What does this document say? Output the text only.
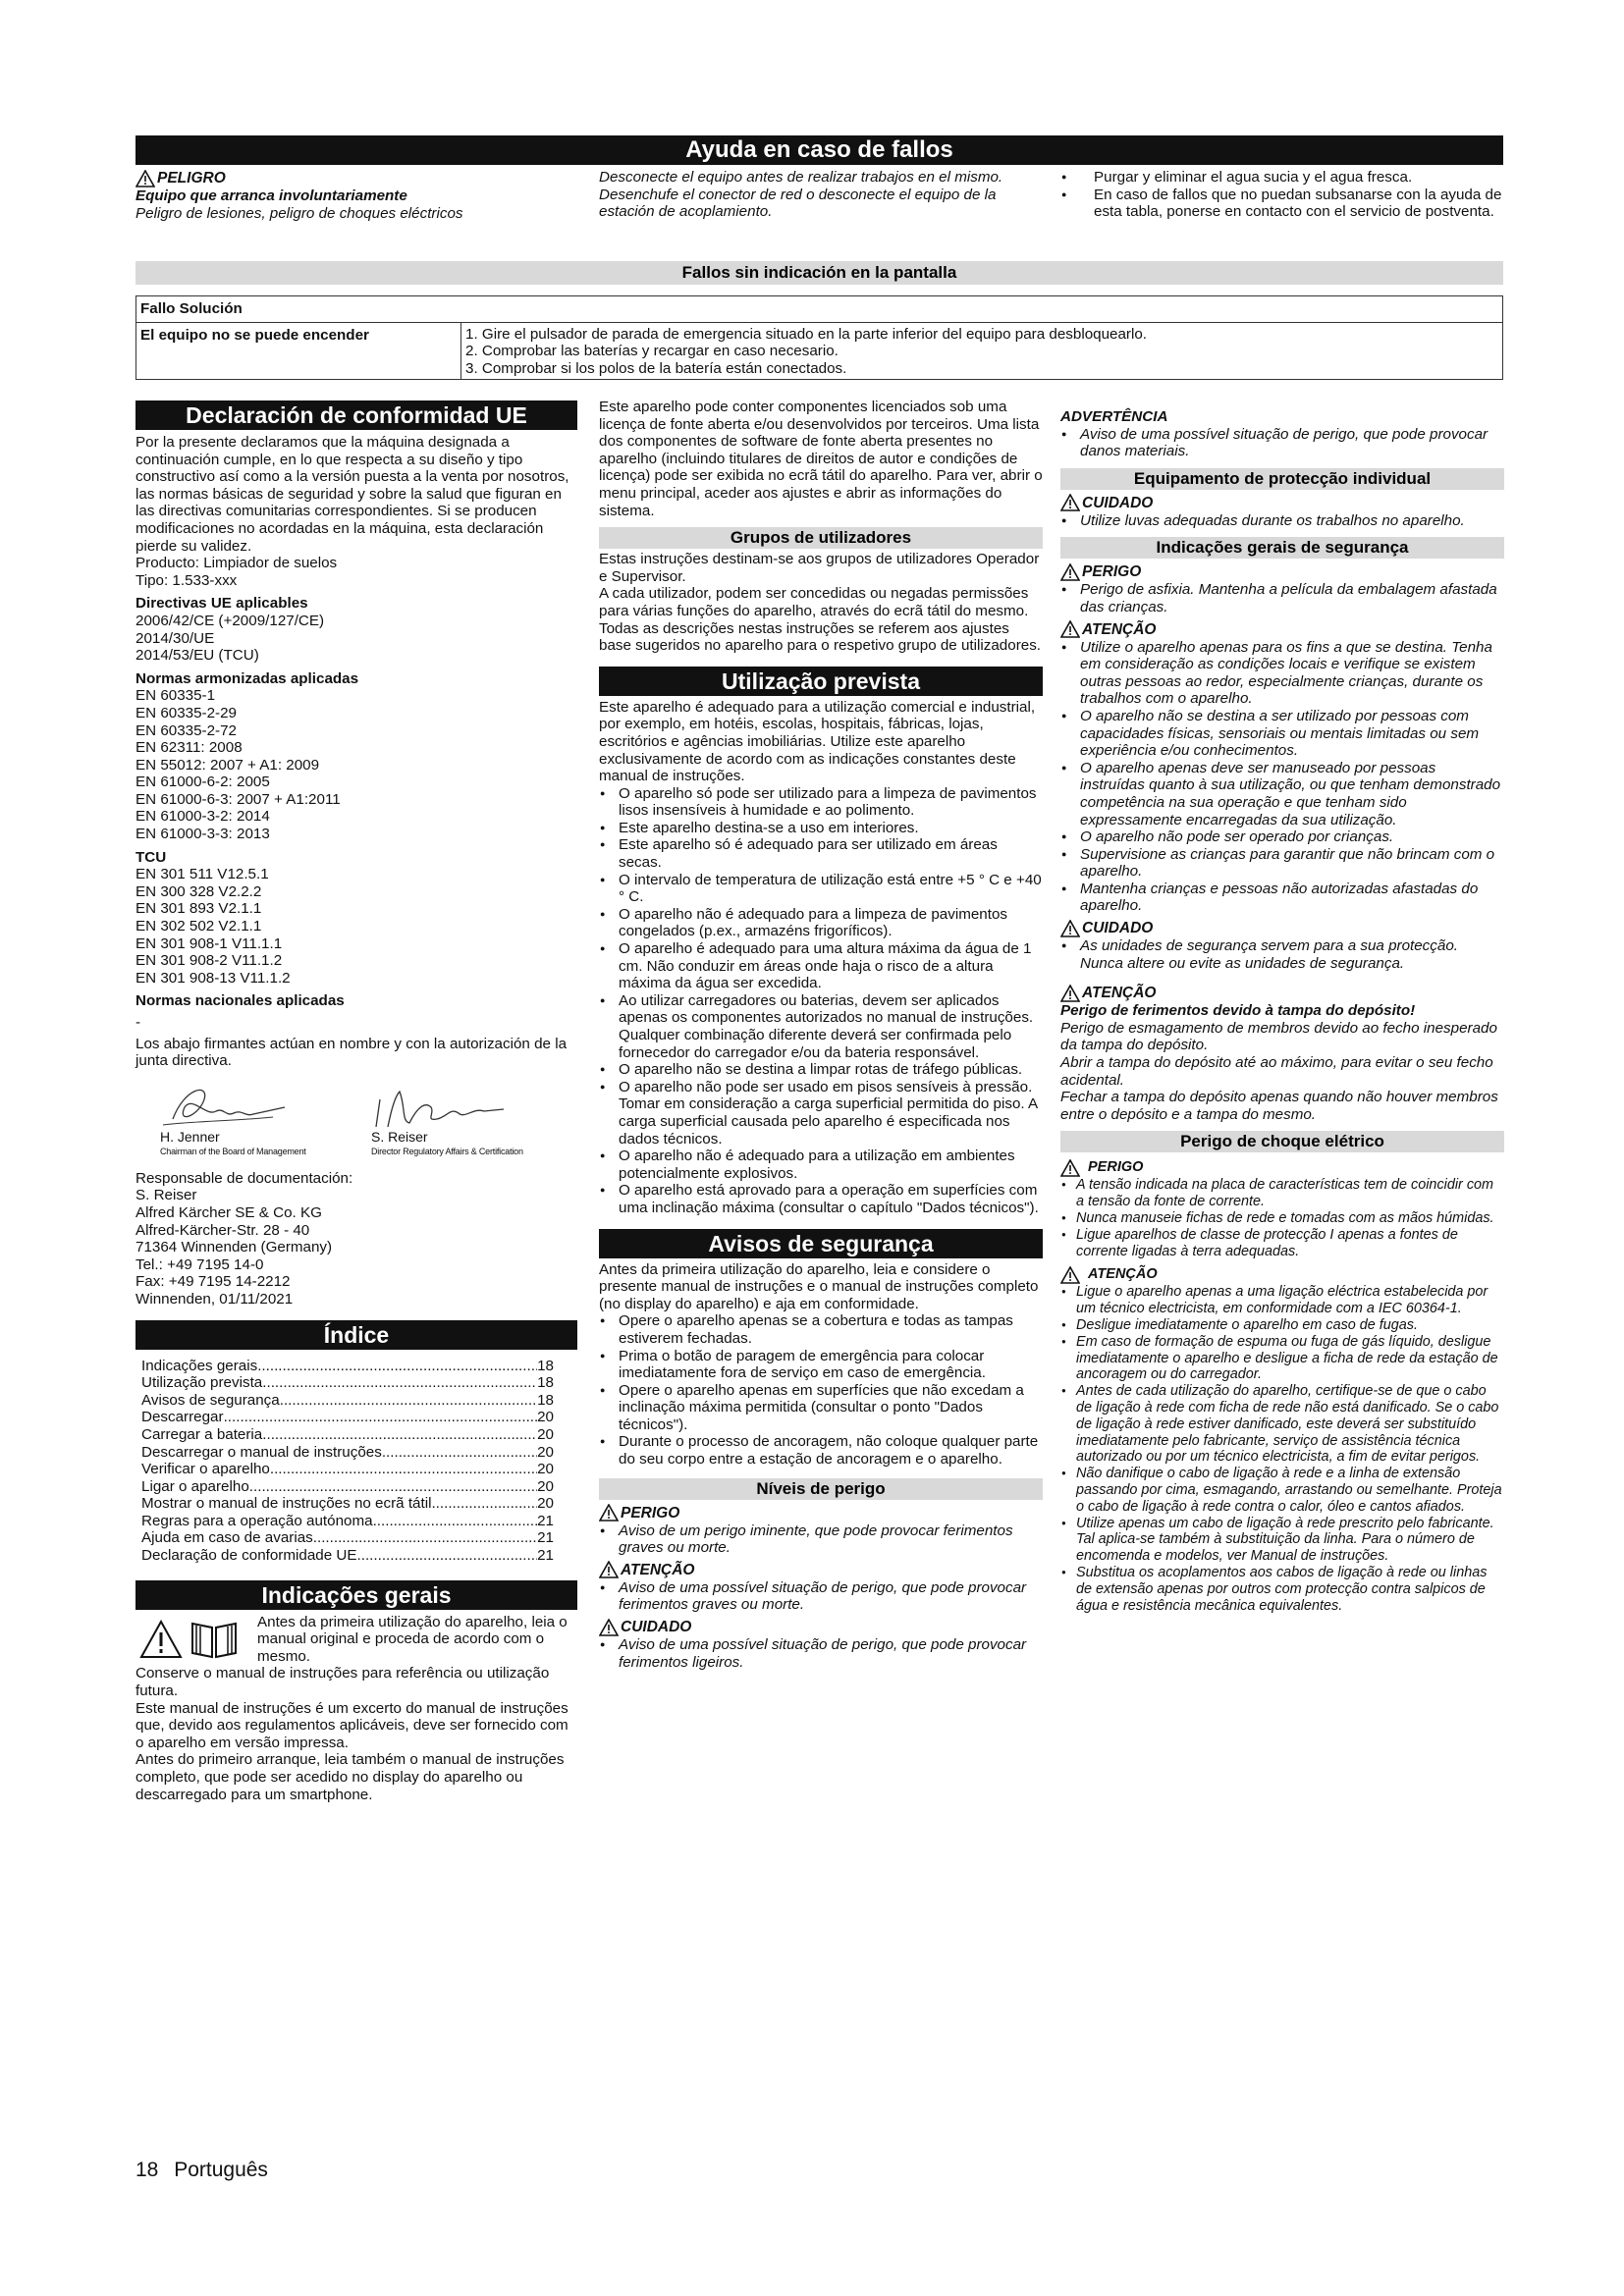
Ayuda en caso de fallos
PELIGRO

Equipo que arranca involuntariamente

Peligro de lesiones, peligro de choques eléctricos

Desconecte el equipo antes de realizar trabajos en el mismo.

Desenchufe el conector de red o desconecte el equipo de la estación de acoplamiento.

● Purgar y eliminar el agua sucia y el agua fresca.
● En caso de fallos que no puedan subsanarse con la ayuda de esta tabla, ponerse en contacto con el servicio de postventa.
Fallos sin indicación en la pantalla
Fallo Solución
El equipo no se puede encender	1. Gire el pulsador de parada de emergencia situado en la parte inferior del equipo para desbloquearlo.
2. Comprobar las baterías y recargar en caso necesario.
3. Comprobar si los polos de la batería están conectados.
Declaración de conformidad UE

Por la presente declaramos que la máquina designada a continuación cumple, en lo que respecta a su diseño y tipo constructivo así como a la versión puesta a la venta por nosotros, las normas básicas de seguridad y sobre la salud que figuran en las directivas comunitarias correspondientes. Si se producen modificaciones no acordadas en la máquina, esta declaración pierde su validez.

Producto: Limpiador de suelos

Tipo: 1.533-xxx

Directivas UE aplicables

2006/42/CE (+2009/127/CE)

2014/30/UE

2014/53/EU (TCU)

Normas armonizadas aplicadas

EN 60335-1

EN 60335-2-29

EN 60335-2-72

EN 62311: 2008

EN 55012: 2007 + A1: 2009

EN 61000-6-2: 2005

EN 61000-6-3: 2007 + A1:2011

EN 61000-3-2: 2014

EN 61000-3-3: 2013

TCU

EN 301 511 V12.5.1

EN 300 328 V2.2.2

EN 301 893 V2.1.1

EN 302 502 V2.1.1

EN 301 908-1 V11.1.1

EN 301 908-2 V11.1.2

EN 301 908-13 V11.1.2

Normas nacionales aplicadas

-

Los abajo firmantes actúan en nombre y con la autorización de la junta directiva.

H. Jenner
Chairman of the Board of Management
S. Reiser
Director Regulatory Affairs & Certification

Responsable de documentación:

S. Reiser

Alfred Kärcher SE & Co. KG

Alfred-Kärcher-Str. 28 - 40

71364 Winnenden (Germany)

Tel.: +49 7195 14-0

Fax: +49 7195 14-2212

Winnenden, 01/11/2021

Índice
Indicações gerais .....	18
Utilização prevista .....	18
Avisos de segurança .....	18
Descarregar .....	20
Carregar a bateria .....	20
Descarregar o manual de instruções .....	20
Verificar o aparelho .....	20
Ligar o aparelho .....	20
Mostrar o manual de instruções no ecrã tátil .....	20
Regras para a operação autónoma .....	21
Ajuda em caso de avarias .....	21
Declaração de conformidade UE .....	21
Indicações gerais

Antes da primeira utilização do aparelho, leia o manual original e proceda de acordo com o mesmo.

Conserve o manual de instruções para referência ou utilização futura.

Este manual de instruções é um excerto do manual de instruções que, devido aos regulamentos aplicáveis, deve ser fornecido com o aparelho em versão impressa.

Antes do primeiro arranque, leia também o manual de instruções completo, que pode ser acedido no display do aparelho ou descarregado para um smartphone.

Este aparelho pode conter componentes licenciados sob uma licença de fonte aberta e/ou desenvolvidos por terceiros. Uma lista dos componentes de software de fonte aberta presentes no aparelho (incluindo titulares de direitos de autor e condições de licença) pode ser exibida no ecrã tátil do aparelho. Para ver, abrir o menu principal, aceder aos ajustes e abrir as informações do sistema.

Grupos de utilizadores

Estas instruções destinam-se aos grupos de utilizadores Operador e Supervisor.

A cada utilizador, podem ser concedidas ou negadas permissões para várias funções do aparelho, através do ecrã tátil do mesmo.

Todas as descrições nestas instruções se referem aos ajustes base sugeridos no aparelho para o respetivo grupo de utilizadores.

Utilização prevista

Este aparelho é adequado para a utilização comercial e industrial, por exemplo, em hotéis, escolas, hospitais, fábricas, lojas, escritórios e agências imobiliárias. Utilize este aparelho exclusivamente de acordo com as indicações constantes deste manual de instruções.

● O aparelho só pode ser utilizado para a limpeza de pavimentos lisos insensíveis à humidade e ao polimento.
● Este aparelho destina-se a uso em interiores.
● Este aparelho só é adequado para ser utilizado em áreas secas.
● O intervalo de temperatura de utilização está entre +5 ° C e +40 ° C.
● O aparelho não é adequado para a limpeza de pavimentos congelados (p.ex., armazéns frigoríficos).
● O aparelho é adequado para uma altura máxima da água de 1 cm. Não conduzir em áreas onde haja o risco de a altura máxima da água ser excedida.
● Ao utilizar carregadores ou baterias, devem ser aplicados apenas os componentes autorizados no manual de instruções. Qualquer combinação diferente deverá ser confirmada pelo fornecedor do carregador e/ou da bateria responsável.
● O aparelho não se destina a limpar rotas de tráfego públicas.
● O aparelho não pode ser usado em pisos sensíveis à pressão. Tomar em consideração a carga superficial permitida do piso. A carga superficial causada pelo aparelho é especificada nos dados técnicos.
● O aparelho não é adequado para a utilização em ambientes potencialmente explosivos.
● O aparelho está aprovado para a operação em superfícies com uma inclinação máxima (consultar o capítulo "Dados técnicos").
Avisos de segurança

Antes da primeira utilização do aparelho, leia e considere o presente manual de instruções e o manual de instruções completo (no display do aparelho) e aja em conformidade.

● Opere o aparelho apenas se a cobertura e todas as tampas estiverem fechadas.
● Prima o botão de paragem de emergência para colocar imediatamente fora de serviço em caso de emergência.
● Opere o aparelho apenas em superfícies que não excedam a inclinação máxima permitida (consultar o ponto "Dados técnicos").
● Durante o processo de ancoragem, não coloque qualquer parte do seu corpo entre a estação de ancoragem e o aparelho.
Níveis de perigo
PERIGO
● Aviso de um perigo iminente, que pode provocar ferimentos graves ou morte.
ATENÇÃO
● Aviso de uma possível situação de perigo, que pode provocar ferimentos graves ou morte.
CUIDADO
● Aviso de uma possível situação de perigo, que pode provocar ferimentos ligeiros.
ADVERTÊNCIA
● Aviso de uma possível situação de perigo, que pode provocar danos materiais.
Equipamento de protecção individual
CUIDADO
● Utilize luvas adequadas durante os trabalhos no aparelho.
Indicações gerais de segurança
PERIGO
● Perigo de asfixia. Mantenha a película da embalagem afastada das crianças.
ATENÇÃO
● Utilize o aparelho apenas para os fins a que se destina. Tenha em consideração as condições locais e verifique se existem outras pessoas ao redor, especialmente crianças, durante os trabalhos com o aparelho.
● O aparelho não se destina a ser utilizado por pessoas com capacidades físicas, sensoriais ou mentais limitadas ou sem experiência e/ou conhecimentos.
● O aparelho apenas deve ser manuseado por pessoas instruídas quanto à sua utilização, ou que tenham demonstrado competência na sua operação e que tenham sido expressamente encarregadas da sua utilização.
● O aparelho não pode ser operado por crianças.
● Supervisione as crianças para garantir que não brincam com o aparelho.
● Mantenha crianças e pessoas não autorizadas afastadas do aparelho.
CUIDADO
● As unidades de segurança servem para a sua protecção. Nunca altere ou evite as unidades de segurança.
ATENÇÃO

Perigo de ferimentos devido à tampa do depósito!

Perigo de esmagamento de membros devido ao fecho inesperado da tampa do depósito.

Abrir a tampa do depósito até ao máximo, para evitar o seu fecho acidental.

Fechar a tampa do depósito apenas quando não houver membros entre o depósito e a tampa do mesmo.

Perigo de choque elétrico
PERIGO
● A tensão indicada na placa de características tem de coincidir com a tensão da fonte de corrente.
● Nunca manuseie fichas de rede e tomadas com as mãos húmidas.
● Ligue aparelhos de classe de protecção I apenas a fontes de corrente ligadas à terra adequadas.
ATENÇÃO
● Ligue o aparelho apenas a uma ligação eléctrica estabelecida por um técnico electricista, em conformidade com a IEC 60364-1.
● Desligue imediatamente o aparelho em caso de fugas.
● Em caso de formação de espuma ou fuga de gás líquido, desligue imediatamente o aparelho e desligue a ficha de rede da estação de ancoragem ou do carregador.
● Antes de cada utilização do aparelho, certifique-se de que o cabo de ligação à rede com ficha de rede não está danificado. Se o cabo de ligação à rede estiver danificado, este deverá ser substituído imediatamente pelo fabricante, serviço de assistência técnica autorizado ou por um técnico electricista, a fim de evitar perigos.
● Não danifique o cabo de ligação à rede e a linha de extensão passando por cima, esmagando, arrastando ou semelhante. Proteja o cabo de ligação à rede contra o calor, óleo e cantos afiados.
● Utilize apenas um cabo de ligação à rede prescrito pelo fabricante. Tal aplica-se também à substituição da linha. Para o número de encomenda e modelos, ver Manual de instruções.
● Substitua os acoplamentos aos cabos de ligação à rede ou linhas de extensão apenas por outros com protecção contra salpicos de água e resistência mecânica equivalentes.
18 Português
